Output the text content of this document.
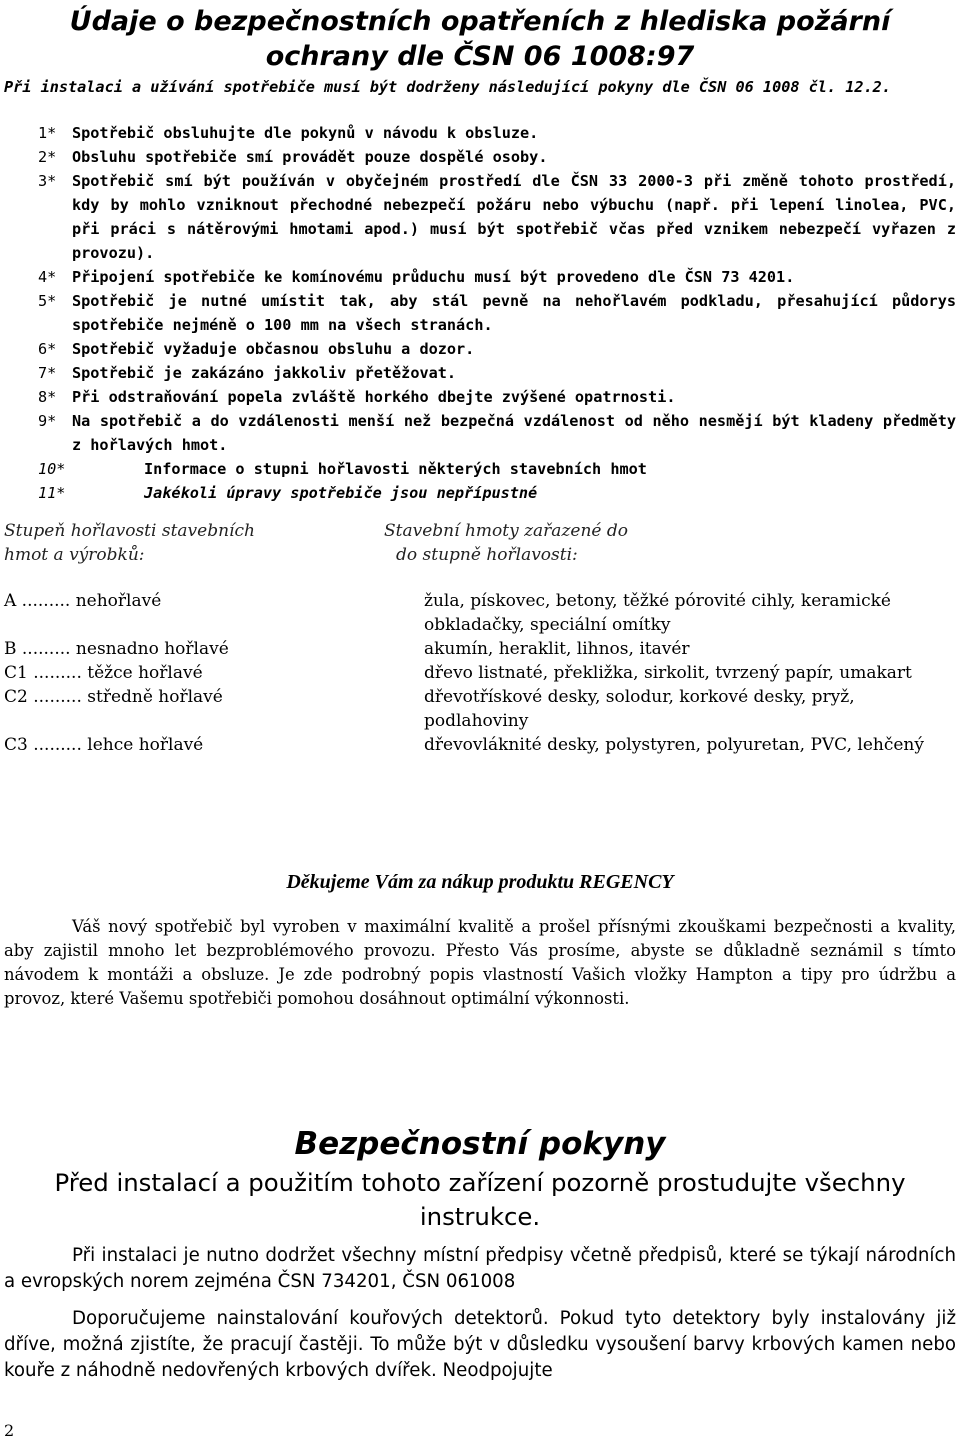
Údaje o bezpečnostních opatřeních z hlediska požární
ochrany dle ČSN 06 1008:97

Při instalaci a užívání spotřebiče musí být dodrženy následující pokyny dle ČSN 06 1008 čl. 12.2.

1* Spotřebič obsluhujte dle pokynů v návodu k obsluze.
2* Obsluhu spotřebiče smí provádět pouze dospělé osoby.
3* Spotřebič smí být používán v obyčejném prostředí dle ČSN 33 2000-3 při změně tohoto prostředí, kdy by mohlo vzniknout přechodné nebezpečí požáru nebo výbuchu (např. při lepení linolea, PVC, při práci s nátěrovými hmotami apod.) musí být spotřebič včas před vznikem nebezpečí vyřazen z provozu).
4* Připojení spotřebiče ke komínovému průduchu musí být provedeno dle ČSN 73 4201.
5* Spotřebič je nutné umístit tak, aby stál pevně na nehořlavém podkladu, přesahující půdorys spotřebiče nejméně o 100 mm na všech stranách.
6* Spotřebič vyžaduje občasnou obsluhu a dozor.
7* Spotřebič je zakázáno jakkoliv přetěžovat.
8* Při odstraňování popela zvláště horkého dbejte zvýšené opatrnosti.
9* Na spotřebič a do vzdálenosti menší než bezpečná vzdálenost od něho nesmějí být kladeny předměty z hořlavých hmot.
10*	Informace o stupni hořlavosti některých stavebních hmot
11*	Jakékoli úpravy spotřebiče jsou nepřípustné
Stupeň hořlavosti stavebních
hmot a výrobků:
Stavební hmoty zařazené do
do stupně hořlavosti:
A ......... nehořlavé	žula, pískovec, betony, těžké pórovité cihly, keramické obkladačky, speciální omítky
B ......... nesnadno hořlavé	akumín, heraklit, lihnos, itavér
C1 ......... těžce hořlavé	dřevo listnaté, překližka, sirkolit, tvrzený papír, umakart
C2 ......... středně hořlavé	dřevotřískové desky, solodur, korkové desky, pryž, podlahoviny
C3 ......... lehce hořlavé	dřevovláknité desky, polystyren, polyuretan, PVC, lehčený
Děkujeme Vám za nákup produktu REGENCY

Váš nový spotřebič byl vyroben v maximální kvalitě a prošel přísnými zkouškami bezpečnosti a kvality, aby zajistil mnoho let bezproblémového provozu. Přesto Vás prosíme, abyste se důkladně seznámil s tímto návodem k montáži a obsluze. Je zde podrobný popis vlastností Vašich vložky Hampton a tipy pro údržbu a provoz, které Vašemu spotřebiči pomohou dosáhnout optimální výkonnosti.

Bezpečnostní pokyny

Před instalací a použitím tohoto zařízení pozorně prostudujte všechny instrukce.

Při instalaci je nutno dodržet všechny místní předpisy včetně předpisů, které se týkají národních a evropských norem zejména ČSN 734201, ČSN 061008

Doporučujeme nainstalování kouřových detektorů. Pokud tyto detektory byly instalovány již dříve, možná zjistíte, že pracují častěji. To může být v důsledku vysoušení barvy krbových kamen nebo kouře z náhodně nedovřených krbových dvířek. Neodpojujte

2
